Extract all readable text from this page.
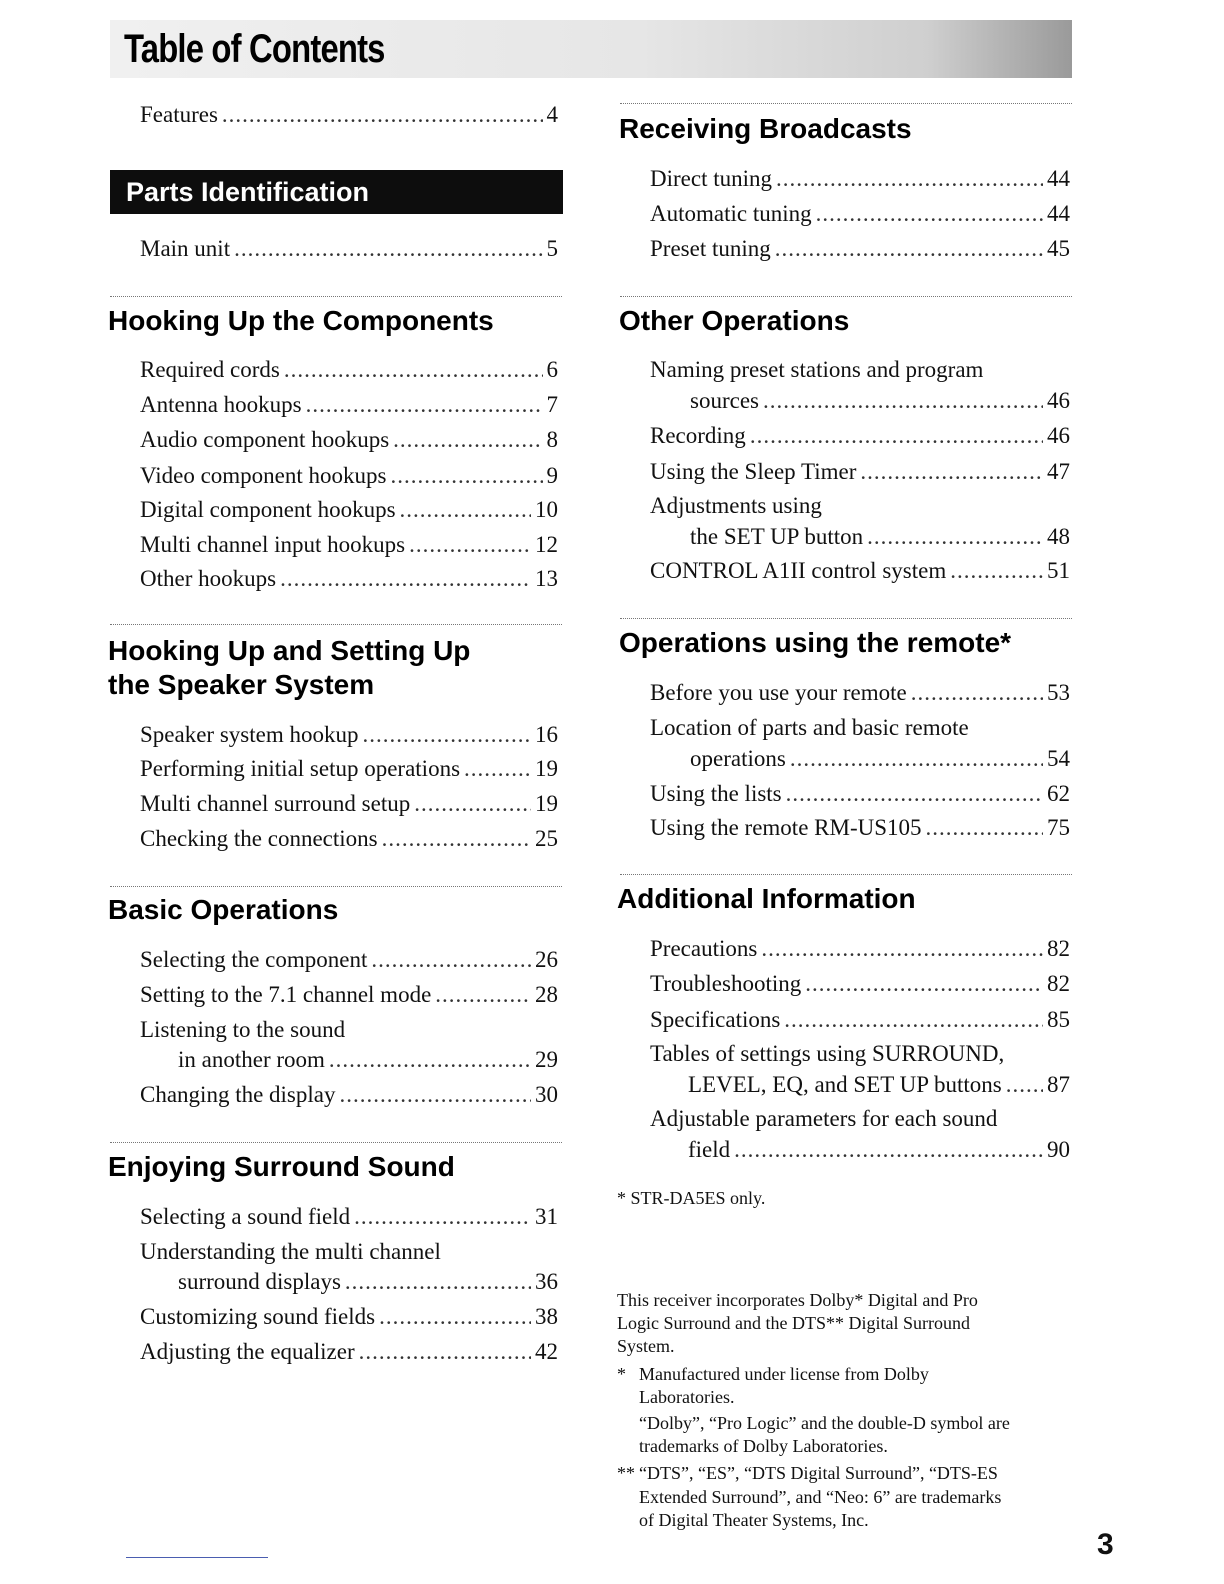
Table of Contents
Features .....	4
Parts Identification
Main unit .....	5
Hooking Up the Components
Required cords .....	6
Antenna hookups .....	7
Audio component hookups .....	8
Video component hookups .....	9
Digital component hookups .....	10
Multi channel input hookups .....	12
Other hookups .....	13
Hooking Up and Setting Up
the Speaker System
Speaker system hookup .....	16
Performing initial setup operations .....	19
Multi channel surround setup .....	19
Checking the connections .....	25
Basic Operations
Selecting the component .....	26
Setting to the 7.1 channel mode .....	28
Listening to the sound
in another room .....	29
Changing the display .....	30
Enjoying Surround Sound
Selecting a sound field .....	31
Understanding the multi channel
surround displays .....	36
Customizing sound fields .....	38
Adjusting the equalizer .....	42
Receiving Broadcasts
Direct tuning .....	44
Automatic tuning .....	44
Preset tuning .....	45
Other Operations
Naming preset stations and program
sources .....	46
Recording .....	46
Using the Sleep Timer .....	47
Adjustments using
the SET UP button .....	48
CONTROL A1II control system .....	51
Operations using the remote*
Before you use your remote .....	53
Location of parts and basic remote
operations .....	54
Using the lists .....	62
Using the remote RM-US105 .....	75
Additional Information
Precautions .....	82
Troubleshooting .....	82
Specifications .....	85
Tables of settings using SURROUND,
LEVEL, EQ, and SET UP buttons ..... 87
Adjustable parameters for each sound
field .....	90
* STR-DA5ES only.
This receiver incorporates Dolby* Digital and Pro
Logic Surround and the DTS** Digital Surround
System.
* Manufactured under license from Dolby
Laboratories.
“Dolby”, “Pro Logic” and the double-D symbol are
trademarks of Dolby Laboratories.
** “DTS”, “ES”, “DTS Digital Surround”, “DTS-ES
Extended Surround”, and “Neo: 6” are trademarks
of Digital Theater Systems, Inc.
3
